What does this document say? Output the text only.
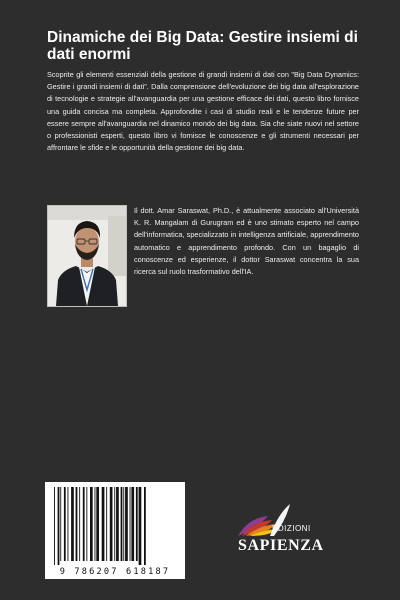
Dinamiche dei Big Data: Gestire insiemi di dati enormi

Scoprite gli elementi essenziali della gestione di grandi insiemi di dati con "Big Data Dynamics: Gestire i grandi insiemi di dati". Dalla comprensione dell'evoluzione dei big data all'esplorazione di tecnologie e strategie all'avanguardia per una gestione efficace dei dati, questo libro fornisce una guida concisa ma completa. Approfondite i casi di studio reali e le tendenze future per essere sempre all'avanguardia nel dinamico mondo dei big data. Sia che siate nuovi nel settore o professionisti esperti, questo libro vi fornisce le conoscenze e gli strumenti necessari per affrontare le sfide e le opportunità della gestione dei big data.

Il dott. Amar Saraswat, Ph.D., è attualmente associato all'Università K. R. Mangalam di Gurugram ed è uno stimato esperto nel campo dell'informatica, specializzato in intelligenza artificiale, apprendimento automatico e apprendimento profondo. Con un bagaglio di conoscenze ed esperienze, il dottor Saraswat concentra la sua ricerca sul ruolo trasformativo dell'IA.

9 786207 618187
EDIZIONI
SAPIENZA
